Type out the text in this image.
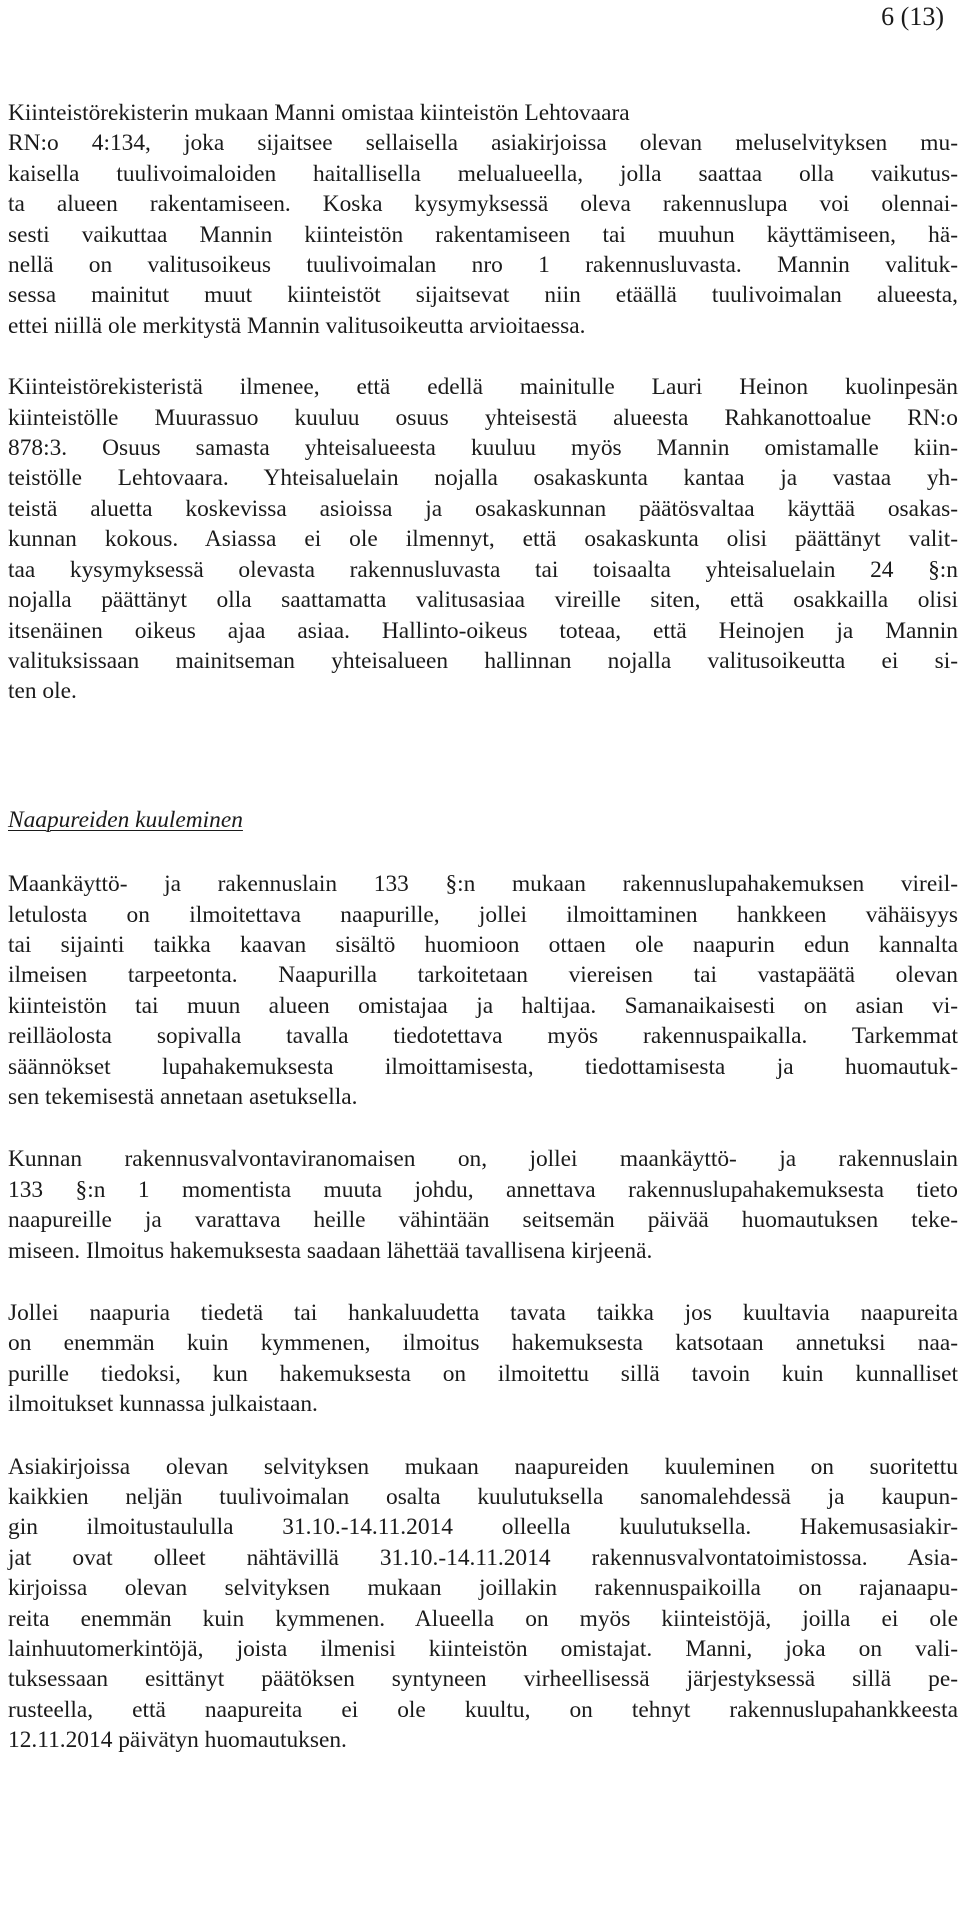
6 (13)

Kiinteistörekisterin mukaan Manni omistaa kiinteistön Lehtovaara
RN:o 4:134, joka sijaitsee sellaisella asiakirjoissa olevan meluselvityksen mu-
kaisella tuulivoimaloiden haitallisella melualueella, jolla saattaa olla vaikutus-
ta alueen rakentamiseen. Koska kysymyksessä oleva rakennuslupa voi olennai-
sesti vaikuttaa Mannin kiinteistön rakentamiseen tai muuhun käyttämiseen, hä-
nellä on valitusoikeus tuulivoimalan nro 1 rakennusluvasta. Mannin valituk-
sessa mainitut muut kiinteistöt sijaitsevat niin etäällä tuulivoimalan alueesta,
ettei niillä ole merkitystä Mannin valitusoikeutta arvioitaessa.

Kiinteistörekisteristä ilmenee, että edellä mainitulle Lauri Heinon kuolinpesän
kiinteistölle Muurassuo kuuluu osuus yhteisestä alueesta Rahkanottoalue RN:o
878:3. Osuus samasta yhteisalueesta kuuluu myös Mannin omistamalle kiin-
teistölle Lehtovaara. Yhteisaluelain nojalla osakaskunta kantaa ja vastaa yh-
teistä aluetta koskevissa asioissa ja osakaskunnan päätösvaltaa käyttää osakas-
kunnan kokous. Asiassa ei ole ilmennyt, että osakaskunta olisi päättänyt valit-
taa kysymyksessä olevasta rakennusluvasta tai toisaalta yhteisaluelain 24 §:n
nojalla päättänyt olla saattamatta valitusasiaa vireille siten, että osakkailla olisi
itsenäinen oikeus ajaa asiaa. Hallinto-oikeus toteaa, että Heinojen ja Mannin
valituksissaan mainitseman yhteisalueen hallinnan nojalla valitusoikeutta ei si-
ten ole.

Naapureiden kuuleminen

Maankäyttö- ja rakennuslain 133 §:n mukaan rakennuslupahakemuksen vireil-
letulosta on ilmoitettava naapurille, jollei ilmoittaminen hankkeen vähäisyys
tai sijainti taikka kaavan sisältö huomioon ottaen ole naapurin edun kannalta
ilmeisen tarpeetonta. Naapurilla tarkoitetaan viereisen tai vastapäätä olevan
kiinteistön tai muun alueen omistajaa ja haltijaa. Samanaikaisesti on asian vi-
reilläolosta sopivalla tavalla tiedotettava myös rakennuspaikalla. Tarkemmat
säännökset lupahakemuksesta ilmoittamisesta, tiedottamisesta ja huomautuk-
sen tekemisestä annetaan asetuksella.

Kunnan rakennusvalvontaviranomaisen on, jollei maankäyttö- ja rakennuslain
133 §:n 1 momentista muuta johdu, annettava rakennuslupahakemuksesta tieto
naapureille ja varattava heille vähintään seitsemän päivää huomautuksen teke-
miseen. Ilmoitus hakemuksesta saadaan lähettää tavallisena kirjeenä.

Jollei naapuria tiedetä tai hankaluudetta tavata taikka jos kuultavia naapureita
on enemmän kuin kymmenen, ilmoitus hakemuksesta katsotaan annetuksi naa-
purille tiedoksi, kun hakemuksesta on ilmoitettu sillä tavoin kuin kunnalliset
ilmoitukset kunnassa julkaistaan.

Asiakirjoissa olevan selvityksen mukaan naapureiden kuuleminen on suoritettu
kaikkien neljän tuulivoimalan osalta kuulutuksella sanomalehdessä ja kaupun-
gin ilmoitustaululla 31.10.-14.11.2014 olleella kuulutuksella. Hakemusasiakir-
jat ovat olleet nähtävillä 31.10.-14.11.2014 rakennusvalvontatoimistossa. Asia-
kirjoissa olevan selvityksen mukaan joillakin rakennuspaikoilla on rajanaapu-
reita enemmän kuin kymmenen. Alueella on myös kiinteistöjä, joilla ei ole
lainhuutomerkintöjä, joista ilmenisi kiinteistön omistajat. Manni, joka on vali-
tuksessaan esittänyt päätöksen syntyneen virheellisessä järjestyksessä sillä pe-
rusteella, että naapureita ei ole kuultu, on tehnyt rakennuslupahankkeesta
12.11.2014 päivätyn huomautuksen.
